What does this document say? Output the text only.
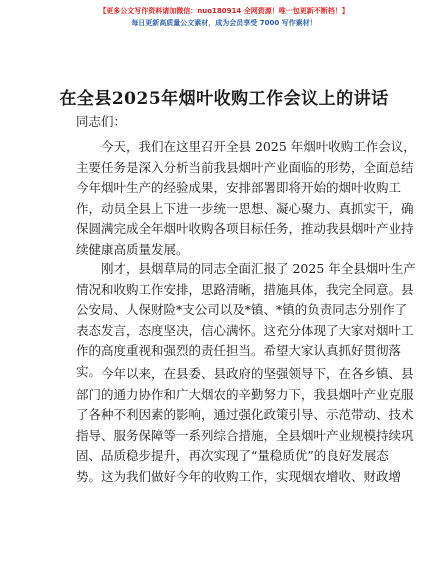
【更多公文写作资料请加微信：nuo180914 全网资源！唯一包更新不断档！】
每日更新高质量公文素材，成为会员享受 7000 写作素材！
在全县2025年烟叶收购工作会议上的讲话
同志们：
今天，我们在这里召开全县 2025 年烟叶收购工作会议，
主要任务是深入分析当前我县烟叶产业面临的形势，全面总结
今年烟叶生产的经验成果，安排部署即将开始的烟叶收购工
作，动员全县上下进一步统一思想、凝心聚力、真抓实干，确
保圆满完成全年烟叶收购各项目标任务，推动我县烟叶产业持
续健康高质量发展。
刚才，县烟草局的同志全面汇报了 2025 年全县烟叶生产
情况和收购工作安排，思路清晰，措施具体，我完全同意。县
公安局、人保财险*支公司以及*镇、*镇的负责同志分别作了
表态发言，态度坚决，信心满怀。这充分体现了大家对烟叶工
作的高度重视和强烈的责任担当。希望大家认真抓好贯彻落
实。 今年以来，在县委、县政府的坚强领导下，在各乡镇、县
部门的通力协作和广大烟农的辛勤努力下，我县烟叶产业克服
了各种不利因素的影响，通过强化政策引导、示范带动、技术
指导、服务保障等一系列综合措施，全县烟叶产业规模持续巩
固、品质稳步提升，再次实现了“量稳质优”的良好发展态
势。这为我们做好今年的收购工作，实现烟农增收、财政增
